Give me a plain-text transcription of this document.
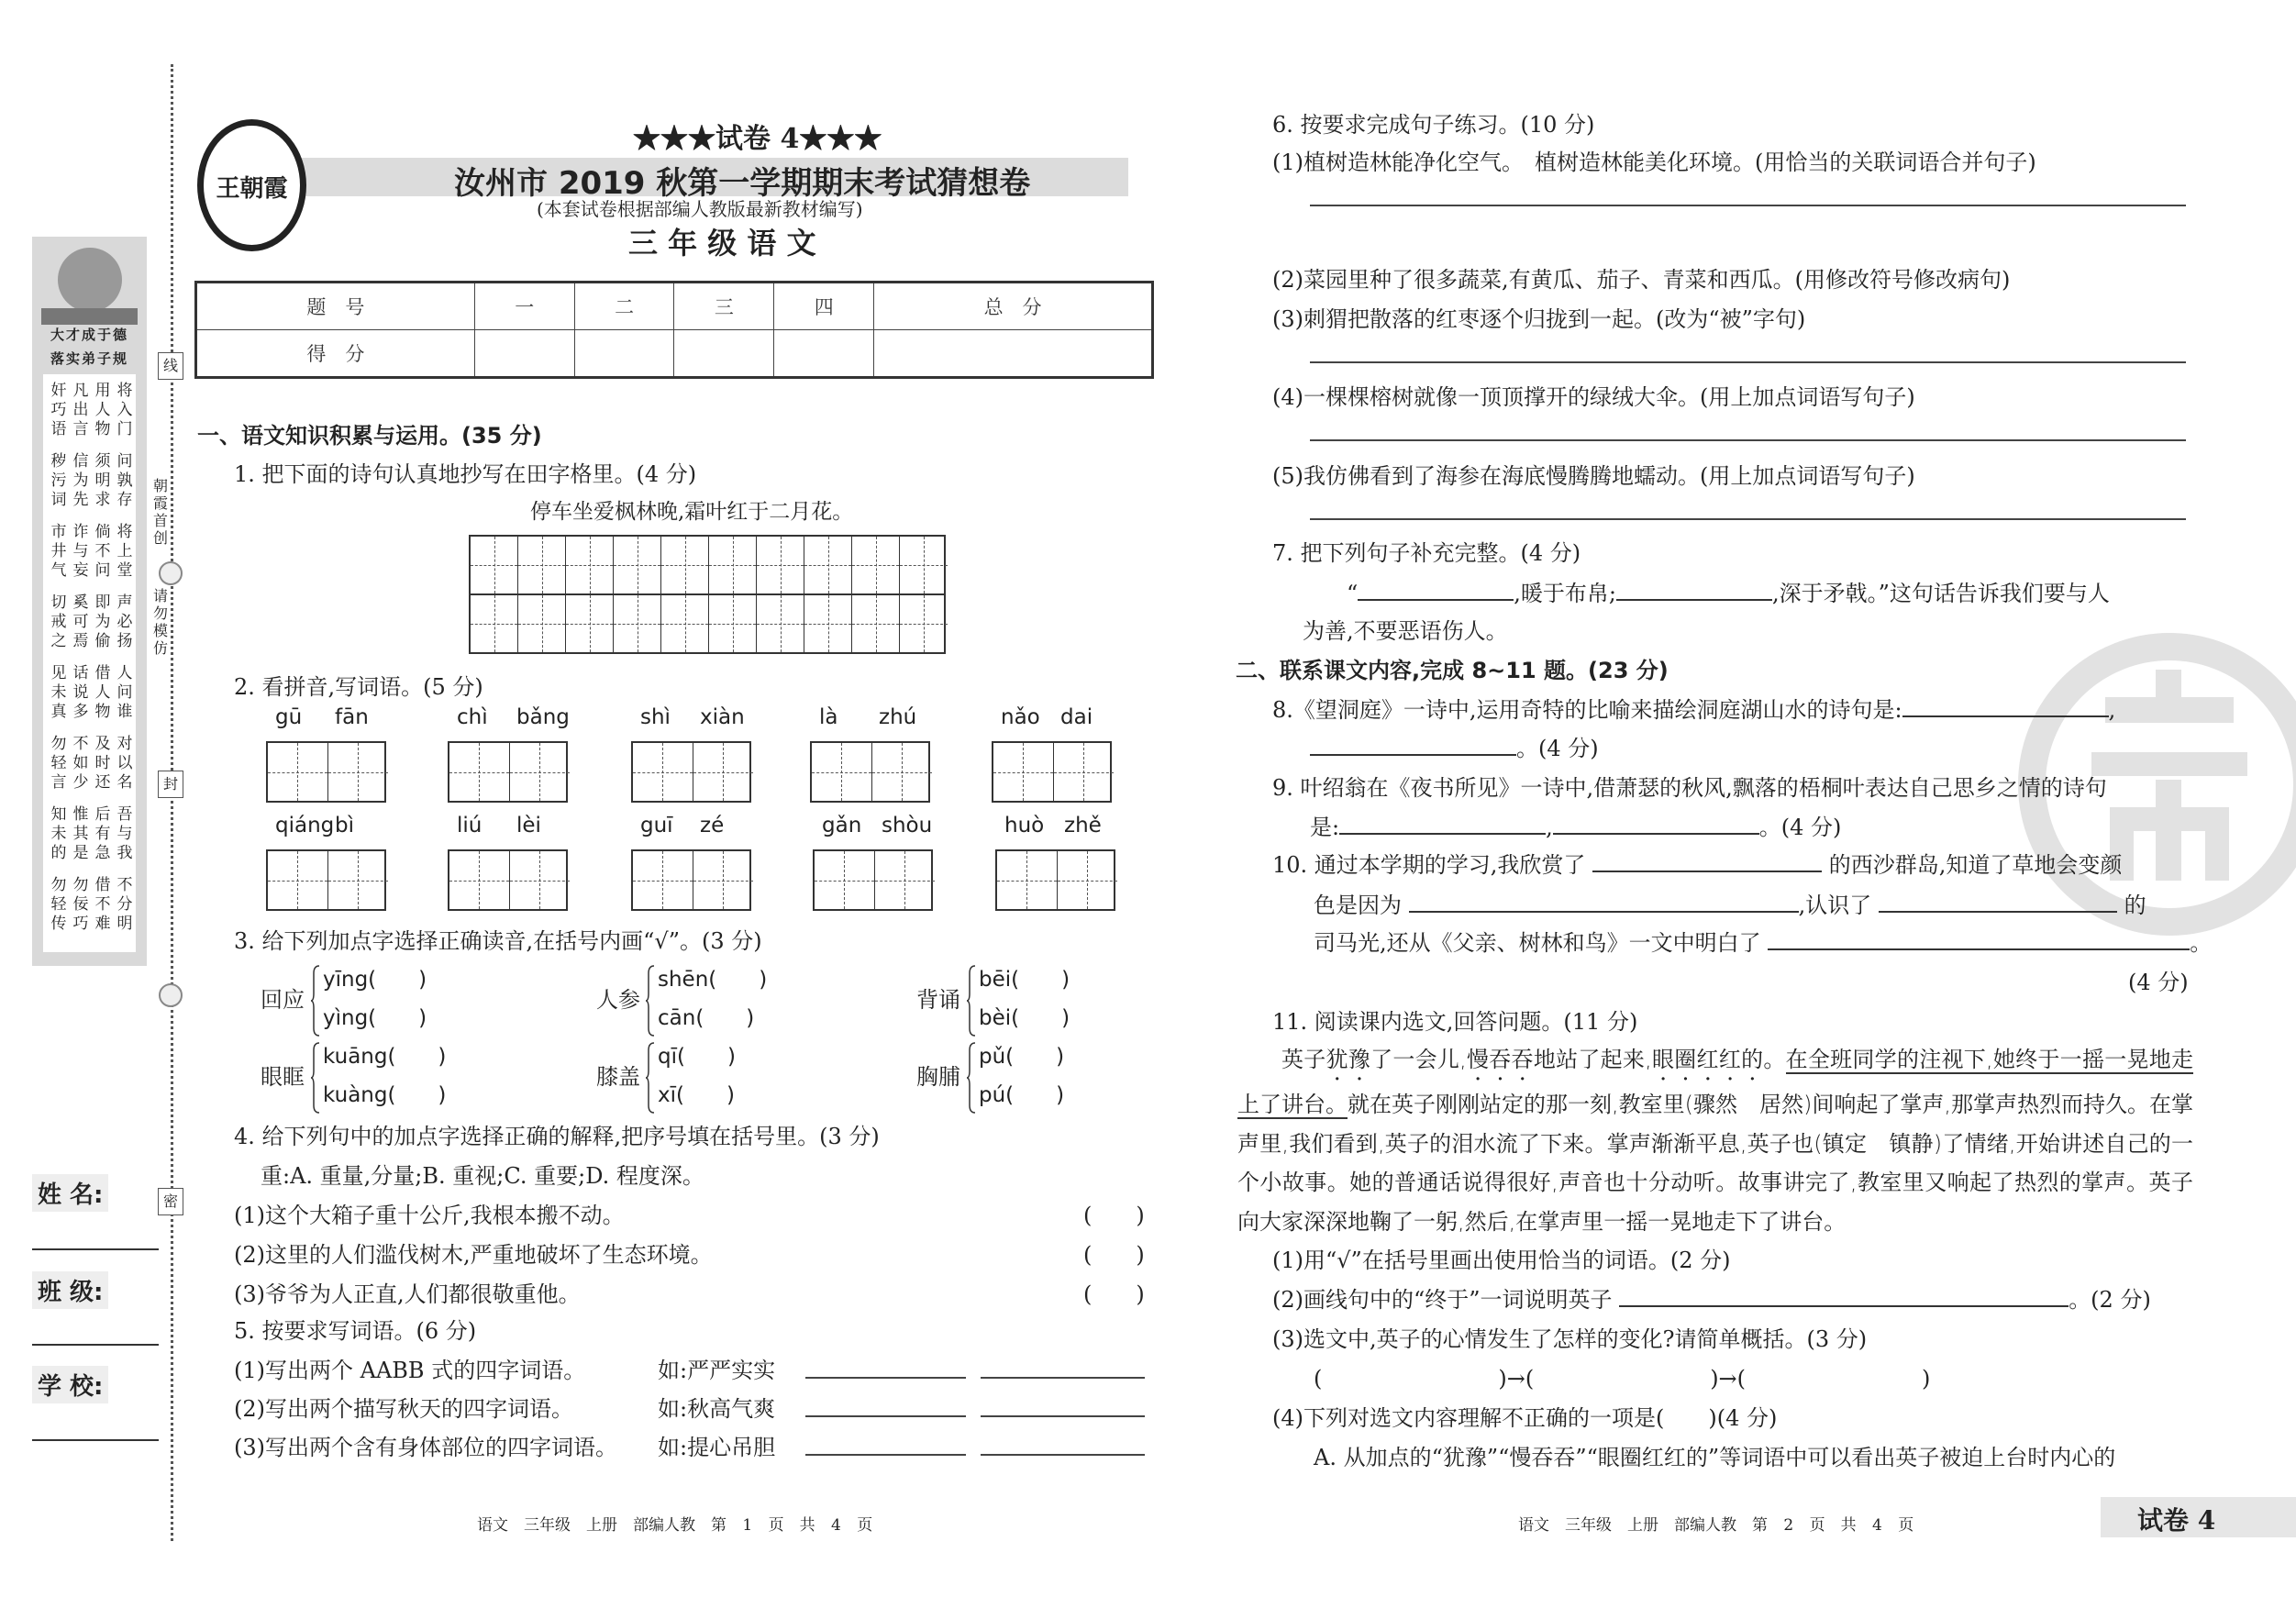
大才成于德
落实弟子规
奸巧语
凡出言
用人物
将入门
秽污词
信为先
须明求
问孰存
市井气
诈与妄
倘不问
将上堂
切戒之
奚可焉
即为偷
声必扬
见未真
话说多
借人物
人问谁
勿轻言
不如少
及时还
对以名
知未的
惟其是
后有急
吾与我
勿轻传
勿佞巧
借不难
不分明
线
朝霞首创
请勿模仿
封
密
姓 名:
班 级:
学 校:
王朝霞
★★★试卷 4★★★
汝州市 2019 秋第一学期期末考试猜想卷
(本套试卷根据部编人教版最新教材编写)
三 年 级 语 文
题　号	一	二	三	四	总　分
得　分					
一、语文知识积累与运用。(35 分)
1. 把下面的诗句认真地抄写在田字格里。(4 分)
停车坐爱枫林晚,霜叶红于二月花。
2. 看拼音,写词语。(5 分)
gū fān	chì bǎng	shì xiàn	là zhú	nǎo dai
qiáng bì	liú lèi	guī zé	gǎn shòu	huò zhě
3. 给下列加点字选择正确读音,在括号内画“√”。(3 分)
回应
yīng(　　)
yìng(　　)
人参
shēn(　　)
cān(　　)
背诵
bēi(　　)
bèi(　　)
眼眶
kuāng(　　)
kuàng(　　)
膝盖
qī(　　)
xī(　　)
胸脯
pǔ(　　)
pú(　　)
4. 给下列句中的加点字选择正确的解释,把序号填在括号里。(3 分)
重:A. 重量,分量;B. 重视;C. 重要;D. 程度深。
(1)这个大箱子重十公斤,我根本搬不动。	(　　)
(2)这里的人们滥伐树木,严重地破坏了生态环境。	(　　)
(3)爷爷为人正直,人们都很敬重他。	(　　)
5. 按要求写词语。(6 分)
(1)写出两个 AABB 式的四字词语。	如:严严实实
(2)写出两个描写秋天的四字词语。	如:秋高气爽
(3)写出两个含有身体部位的四字词语。 如:提心吊胆
语文　三年级　上册　部编人教　第 1 页　共 4 页
6. 按要求完成句子练习。(10 分)
(1)植树造林能净化空气。　植树造林能美化环境。(用恰当的关联词语合并句子)
(2)菜园里种了很多蔬菜,有黄瓜、茄子、青菜和西瓜。(用修改符号修改病句)
(3)刺猬把散落的红枣逐个归拢到一起。(改为“被”字句)
(4)一棵棵榕树就像一顶顶撑开的绿绒大伞。(用上加点词语写句子)
(5)我仿佛看到了海参在海底慢腾腾地蠕动。(用上加点词语写句子)
7. 把下列句子补充完整。(4 分)
“	,暖于布帛;	,深于矛戟。”这句话告诉我们要与人
为善,不要恶语伤人。
二、联系课文内容,完成 8~11 题。(23 分)
8.《望洞庭》一诗中,运用奇特的比喻来描绘洞庭湖山水的诗句是:	,
。(4 分)
9. 叶绍翁在《夜书所见》一诗中,借萧瑟的秋风,飘落的梧桐叶表达自己思乡之情的诗句
是:	,	。(4 分)
10. 通过本学期的学习,我欣赏了	的西沙群岛,知道了草地会变颜
色是因为	,认识了	的
司马光,还从《父亲、树林和鸟》一文中明白了	。
(4 分)
11. 阅读课内选文,回答问题。(11 分)
英子犹豫了一会儿,慢吞吞地站了起来,眼圈红红的。在全班同学的注视下,她终于一摇一晃地走上了讲台。就在英子刚刚站定的那一刻,教室里(骤然　居然)间响起了掌声,那掌声热烈而持久。在掌声里,我们看到,英子的泪水流了下来。掌声渐渐平息,英子也(镇定　镇静)了情绪,开始讲述自己的一个小故事。她的普通话说得很好,声音也十分动听。故事讲完了,教室里又响起了热烈的掌声。英子向大家深深地鞠了一躬,然后,在掌声里一摇一晃地走下了讲台。
(1)用“√”在括号里画出使用恰当的词语。(2 分)
(2)画线句中的“终于”一词说明英子	。(2 分)
(3)选文中,英子的心情发生了怎样的变化?请简单概括。(3 分)
(　　　　　　　　)→(　　　　　　　　)→(　　　　　　　　)
(4)下列对选文内容理解不正确的一项是(　　)(4 分)
A. 从加点的“犹豫”“慢吞吞”“眼圈红红的”等词语中可以看出英子被迫上台时内心的
语文　三年级　上册　部编人教　第 2 页　共 4 页	试卷 4
